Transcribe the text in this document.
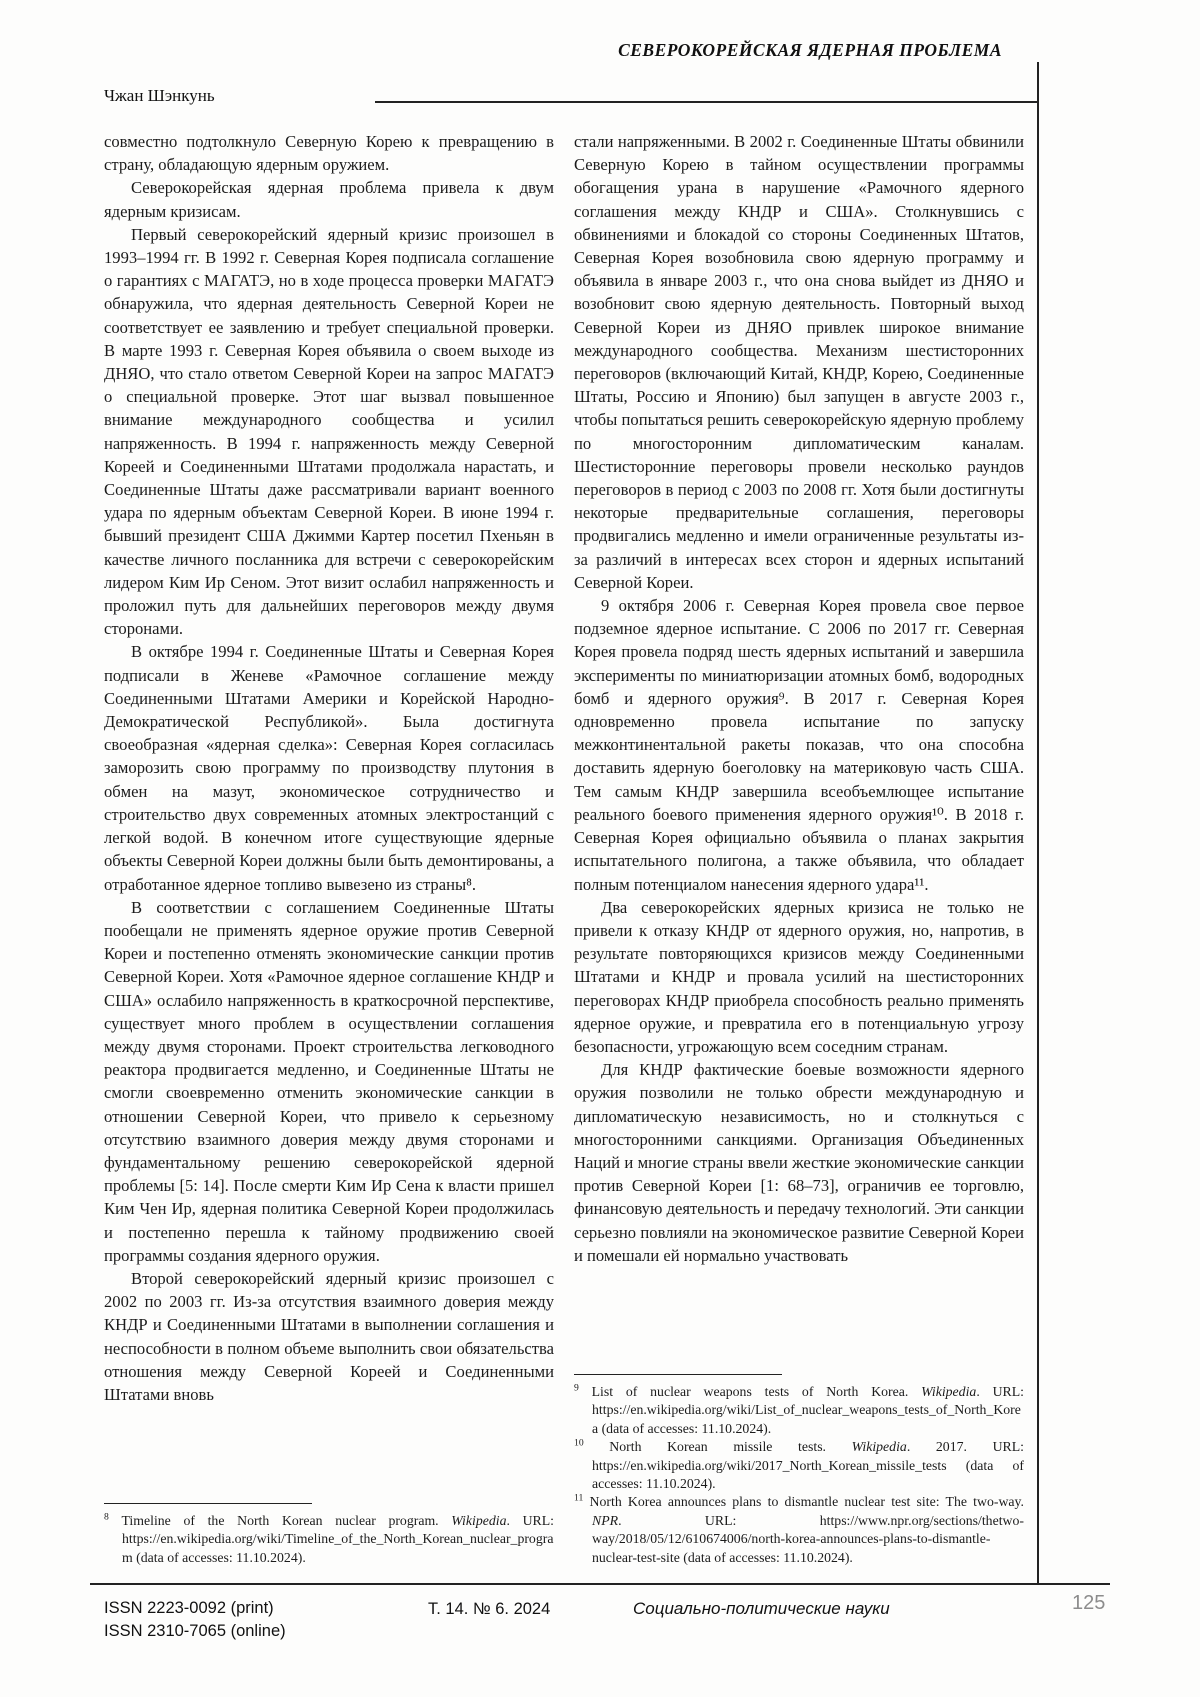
СЕВЕРОКОРЕЙСКАЯ ЯДЕРНАЯ ПРОБЛЕМА
Чжан Шэнкунь

совместно подтолкнуло Северную Корею к превращению в страну, обладающую ядерным оружием.

Северокорейская ядерная проблема привела к двум ядерным кризисам.

Первый северокорейский ядерный кризис произошел в 1993–1994 гг. В 1992 г. Северная Корея подписала соглашение о гарантиях с МАГАТЭ, но в ходе процесса проверки МАГАТЭ обнаружила, что ядерная деятельность Северной Кореи не соответствует ее заявлению и требует специальной проверки. В марте 1993 г. Северная Корея объявила о своем выходе из ДНЯО, что стало ответом Северной Кореи на запрос МАГАТЭ о специальной проверке. Этот шаг вызвал повышенное внимание международного сообщества и усилил напряженность. В 1994 г. напряженность между Северной Кореей и Соединенными Штатами продолжала нарастать, и Соединенные Штаты даже рассматривали вариант военного удара по ядерным объектам Северной Кореи. В июне 1994 г. бывший президент США Джимми Картер посетил Пхеньян в качестве личного посланника для встречи с северокорейским лидером Ким Ир Сеном. Этот визит ослабил напряженность и проложил путь для дальнейших переговоров между двумя сторонами.

В октябре 1994 г. Соединенные Штаты и Северная Корея подписали в Женеве «Рамочное соглашение между Соединенными Штатами Америки и Корейской Народно-Демократической Республикой». Была достигнута своеобразная «ядерная сделка»: Северная Корея согласилась заморозить свою программу по производству плутония в обмен на мазут, экономическое сотрудничество и строительство двух современных атомных электростанций с легкой водой. В конечном итоге существующие ядерные объекты Северной Кореи должны были быть демонтированы, а отработанное ядерное топливо вывезено из страны⁸.

В соответствии с соглашением Соединенные Штаты пообещали не применять ядерное оружие против Северной Кореи и постепенно отменять экономические санкции против Северной Кореи. Хотя «Рамочное ядерное соглашение КНДР и США» ослабило напряженность в краткосрочной перспективе, существует много проблем в осуществлении соглашения между двумя сторонами. Проект строительства легководного реактора продвигается медленно, и Соединенные Штаты не смогли своевременно отменить экономические санкции в отношении Северной Кореи, что привело к серьезному отсутствию взаимного доверия между двумя сторонами и фундаментальному решению северокорейской ядерной проблемы [5: 14]. После смерти Ким Ир Сена к власти пришел Ким Чен Ир, ядерная политика Северной Кореи продолжилась и постепенно перешла к тайному продвижению своей программы создания ядерного оружия.

Второй северокорейский ядерный кризис произошел с 2002 по 2003 гг. Из-за отсутствия взаимного доверия между КНДР и Соединенными Штатами в выполнении соглашения и неспособности в полном объеме выполнить свои обязательства отношения между Северной Кореей и Соединенными Штатами вновь

$^8$ Timeline of the North Korean nuclear program. Wikipedia. URL: https://en.wikipedia.org/wiki/Timeline_of_the_North_Korean_nuclear_program (data of accesses: 11.10.2024).

стали напряженными. В 2002 г. Соединенные Штаты обвинили Северную Корею в тайном осуществлении программы обогащения урана в нарушение «Рамочного ядерного соглашения между КНДР и США». Столкнувшись с обвинениями и блокадой со стороны Соединенных Штатов, Северная Корея возобновила свою ядерную программу и объявила в январе 2003 г., что она снова выйдет из ДНЯО и возобновит свою ядерную деятельность. Повторный выход Северной Кореи из ДНЯО привлек широкое внимание международного сообщества. Механизм шестисторонних переговоров (включающий Китай, КНДР, Корею, Соединенные Штаты, Россию и Японию) был запущен в августе 2003 г., чтобы попытаться решить северокорейскую ядерную проблему по многосторонним дипломатическим каналам. Шестисторонние переговоры провели несколько раундов переговоров в период с 2003 по 2008 гг. Хотя были достигнуты некоторые предварительные соглашения, переговоры продвигались медленно и имели ограниченные результаты из-за различий в интересах всех сторон и ядерных испытаний Северной Кореи.

9 октября 2006 г. Северная Корея провела свое первое подземное ядерное испытание. С 2006 по 2017 гг. Северная Корея провела подряд шесть ядерных испытаний и завершила эксперименты по миниатюризации атомных бомб, водородных бомб и ядерного оружия⁹. В 2017 г. Северная Корея одновременно провела испытание по запуску межконтинентальной ракеты показав, что она способна доставить ядерную боеголовку на материковую часть США. Тем самым КНДР завершила всеобъемлющее испытание реального боевого применения ядерного оружия¹⁰. В 2018 г. Северная Корея официально объявила о планах закрытия испытательного полигона, а также объявила, что обладает полным потенциалом нанесения ядерного удара¹¹.

Два северокорейских ядерных кризиса не только не привели к отказу КНДР от ядерного оружия, но, напротив, в результате повторяющихся кризисов между Соединенными Штатами и КНДР и провала усилий на шестисторонних переговорах КНДР приобрела способность реально применять ядерное оружие, и превратила его в потенциальную угрозу безопасности, угрожающую всем соседним странам.

Для КНДР фактические боевые возможности ядерного оружия позволили не только обрести международную и дипломатическую независимость, но и столкнуться с многосторонними санкциями. Организация Объединенных Наций и многие страны ввели жесткие экономические санкции против Северной Кореи [1: 68–73], ограничив ее торговлю, финансовую деятельность и передачу технологий. Эти санкции серьезно повлияли на экономическое развитие Северной Кореи и помешали ей нормально участвовать

$^9$ List of nuclear weapons tests of North Korea. Wikipedia. URL: https://en.wikipedia.org/wiki/List_of_nuclear_weapons_tests_of_North_Korea (data of accesses: 11.10.2024).

$^{10}$ North Korean missile tests. Wikipedia. 2017. URL: https://en.wikipedia.org/wiki/2017_North_Korean_missile_tests (data of accesses: 11.10.2024).

$^{11}$ North Korea announces plans to dismantle nuclear test site: The two-way. NPR. URL: https://www.npr.org/sections/thetwo-way/2018/05/12/610674006/north-korea-announces-plans-to-dismantle-nuclear-test-site (data of accesses: 11.10.2024).

ISSN 2223-0092 (print)
ISSN 2310-7065 (online)
Т. 14. № 6. 2024	Социально-политические науки	125
